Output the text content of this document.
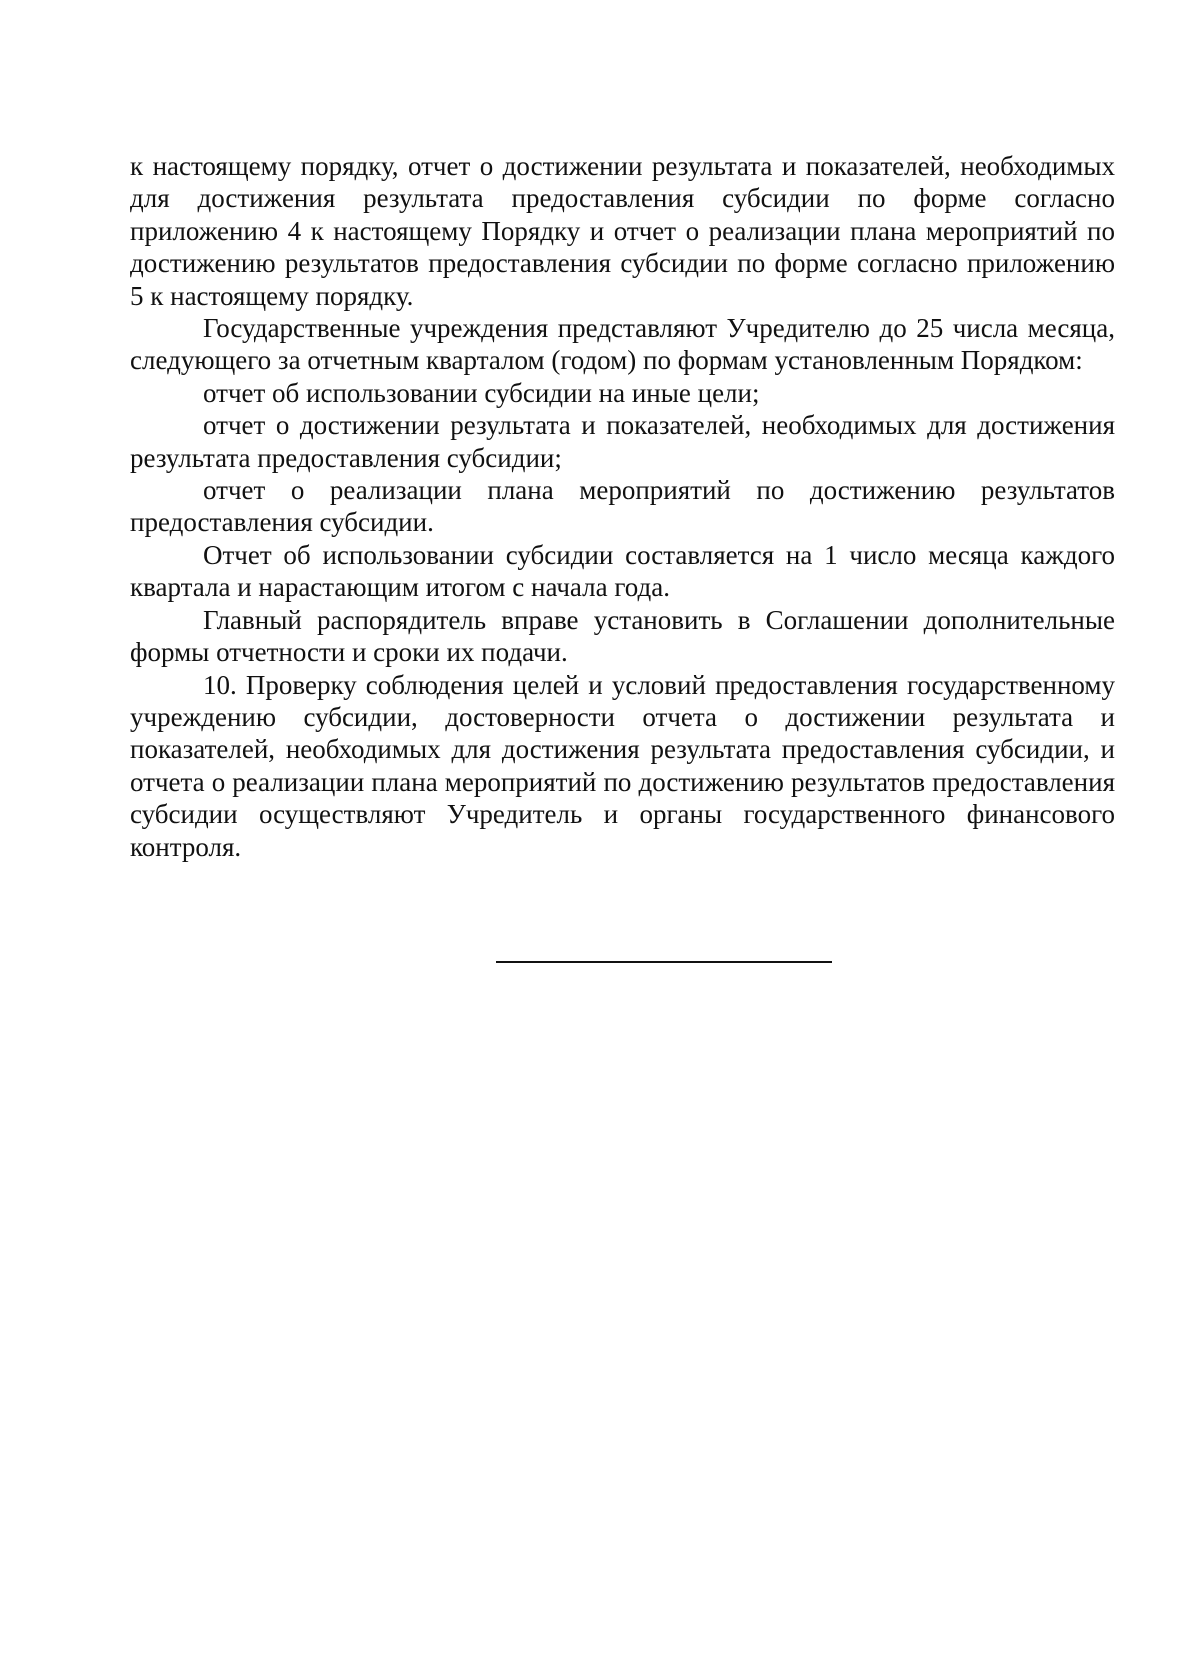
к настоящему порядку, отчет о достижении результата и показателей, необходимых для достижения результата предоставления субсидии по форме согласно приложению 4 к настоящему Порядку и отчет о реализации плана мероприятий по достижению результатов предоставления субсидии по форме согласно приложению 5 к настоящему порядку.

Государственные учреждения представляют Учредителю до 25 числа месяца, следующего за отчетным кварталом (годом) по формам установленным Порядком:

отчет об использовании субсидии на иные цели;

отчет о достижении результата и показателей, необходимых для достижения результата предоставления субсидии;

отчет о реализации плана мероприятий по достижению результатов предоставления субсидии.

Отчет об использовании субсидии составляется на 1 число месяца каждого квартала и нарастающим итогом с начала года.

Главный распорядитель вправе установить в Соглашении дополнительные формы отчетности и сроки их подачи.

10. Проверку соблюдения целей и условий предоставления государственному учреждению субсидии, достоверности отчета о достижении результата и показателей, необходимых для достижения результата предоставления субсидии, и отчета о реализации плана мероприятий по достижению результатов предоставления субсидии осуществляют Учредитель и органы государственного финансового контроля.
